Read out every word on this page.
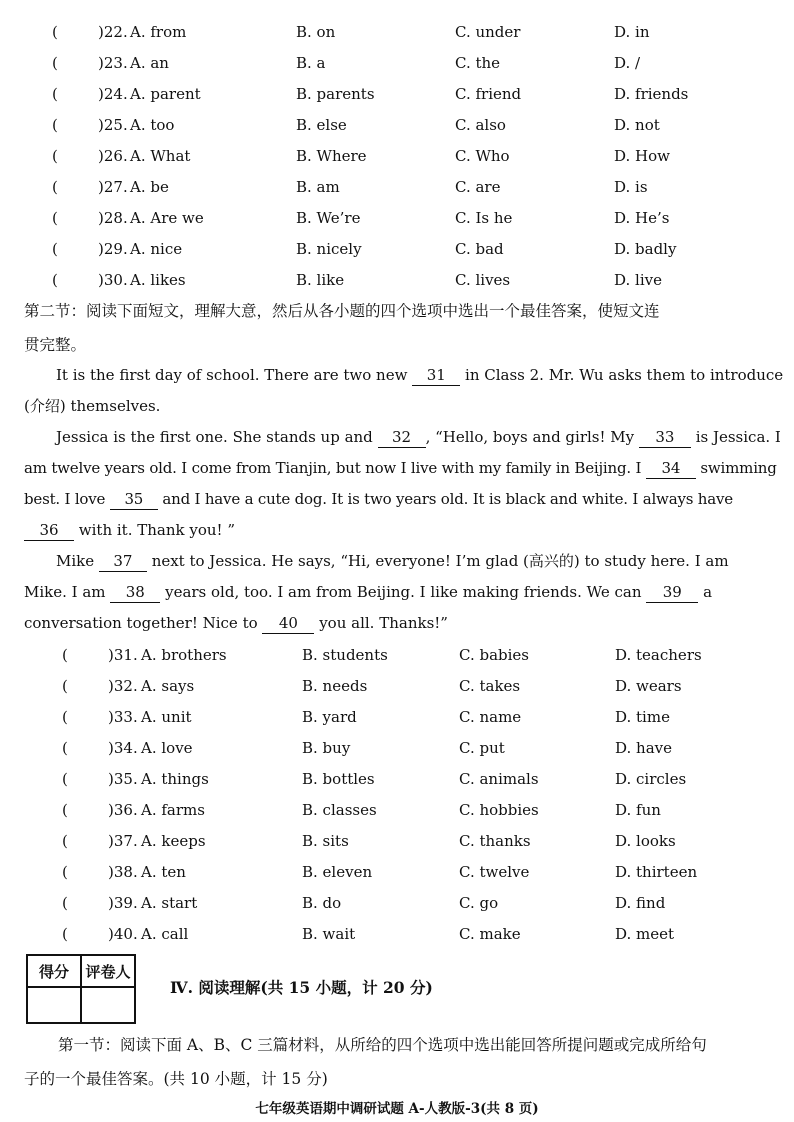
(	)22. A. from	B. on	C. under	D. in
(	)23. A. an	B. a	C. the	D. /
(	)24. A. parent	B. parents	C. friend	D. friends
(	)25. A. too	B. else	C. also	D. not
(	)26. A. What	B. Where	C. Who	D. How
(	)27. A. be	B. am	C. are	D. is
(	)28. A. Are we	B. We’re	C. Is he	D. He’s
(	)29. A. nice	B. nicely	C. bad	D. badly
(	)30. A. likes	B. like	C. lives	D. live
第二节：阅读下面短文，理解大意，然后从各小题的四个选项中选出一个最佳答案，使短文连
贯完整。
It is the first day of school. There are two new 31 in Class 2. Mr. Wu asks them to introduce
(介绍) themselves.
Jessica is the first one. She stands up and 32 , “Hello, boys and girls! My 33 is Jessica. I
am twelve years old. I come from Tianjin, but now I live with my family in Beijing. I 34 swimming
best. I love 35 and I have a cute dog. It is two years old. It is black and white. I always have
36 with it. Thank you! ”
Mike 37 next to Jessica. He says, “Hi, everyone! I’m glad (高兴的) to study here. I am
Mike. I am 38 years old, too. I am from Beijing. I like making friends. We can 39 a
conversation together! Nice to 40 you all. Thanks!”
(	)31. A. brothers	B. students	C. babies	D. teachers
(	)32. A. says	B. needs	C. takes	D. wears
(	)33. A. unit	B. yard	C. name	D. time
(	)34. A. love	B. buy	C. put	D. have
(	)35. A. things	B. bottles	C. animals	D. circles
(	)36. A. farms	B. classes	C. hobbies	D. fun
(	)37. A. keeps	B. sits	C. thanks	D. looks
(	)38. A. ten	B. eleven	C. twelve	D. thirteen
(	)39. A. start	B. do	C. go	D. find
(	)40. A. call	B. wait	C. make	D. meet
得分	评卷人

Ⅳ. 阅读理解(共 15 小题，计 20 分)
第一节：阅读下面 A、B、C 三篇材料，从所给的四个选项中选出能回答所提问题或完成所给句
子的一个最佳答案。(共 10 小题，计 15 分)
七年级英语期中调研试题 A-人教版-3(共 8 页)
